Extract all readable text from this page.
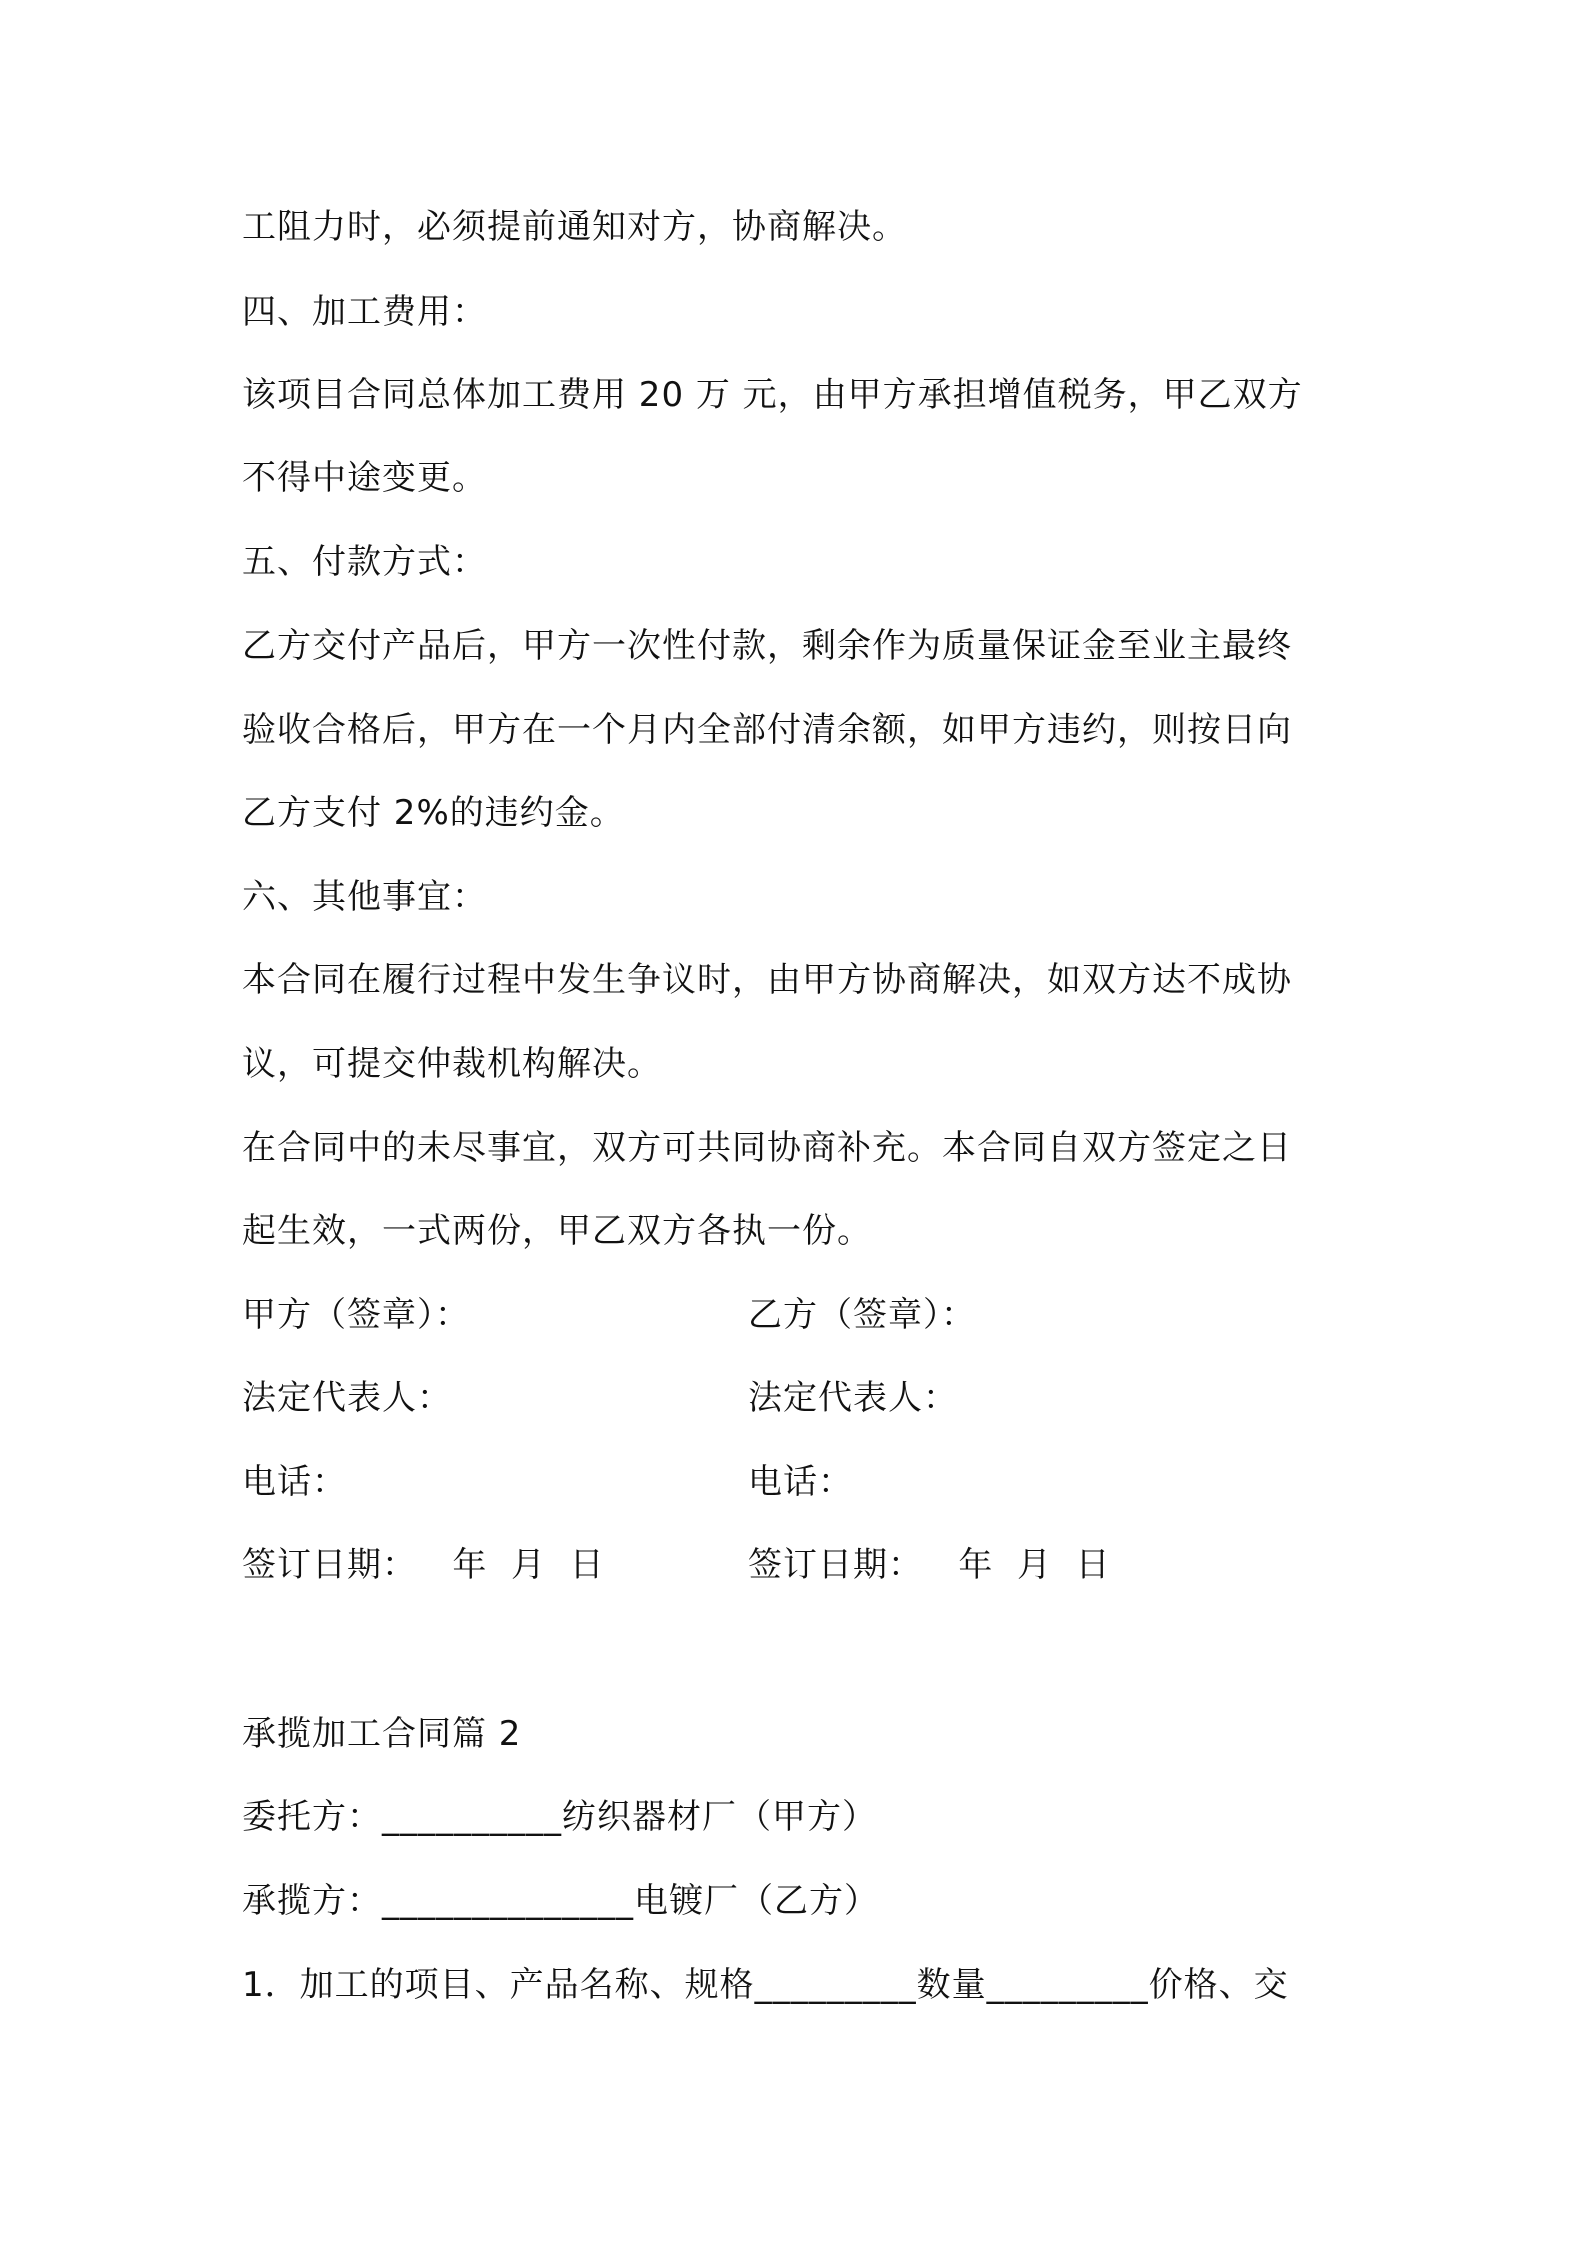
工阻力时，必须提前通知对方，协商解决。
四、加工费用：
该项目合同总体加工费用 20 万 元，由甲方承担增值税务，甲乙双方
不得中途变更。
五、付款方式：
乙方交付产品后，甲方一次性付款，剩余作为质量保证金至业主最终
验收合格后，甲方在一个月内全部付清余额，如甲方违约，则按日向
乙方支付 2%的违约金。
六、其他事宜：
本合同在履行过程中发生争议时，由甲方协商解决，如双方达不成协
议，可提交仲裁机构解决。
在合同中的未尽事宜，双方可共同协商补充。本合同自双方签定之日
起生效，一式两份，甲乙双方各执一份。
甲方（签章）：	乙方（签章）：
法定代表人：	法定代表人：
电话：	电话：
签订日期：   年  月  日	签订日期：   年  月  日
承揽加工合同篇 2
委托方：__________纺织器材厂（甲方）
承揽方：______________电镀厂（乙方）
1．加工的项目、产品名称、规格_________数量_________价格、交
